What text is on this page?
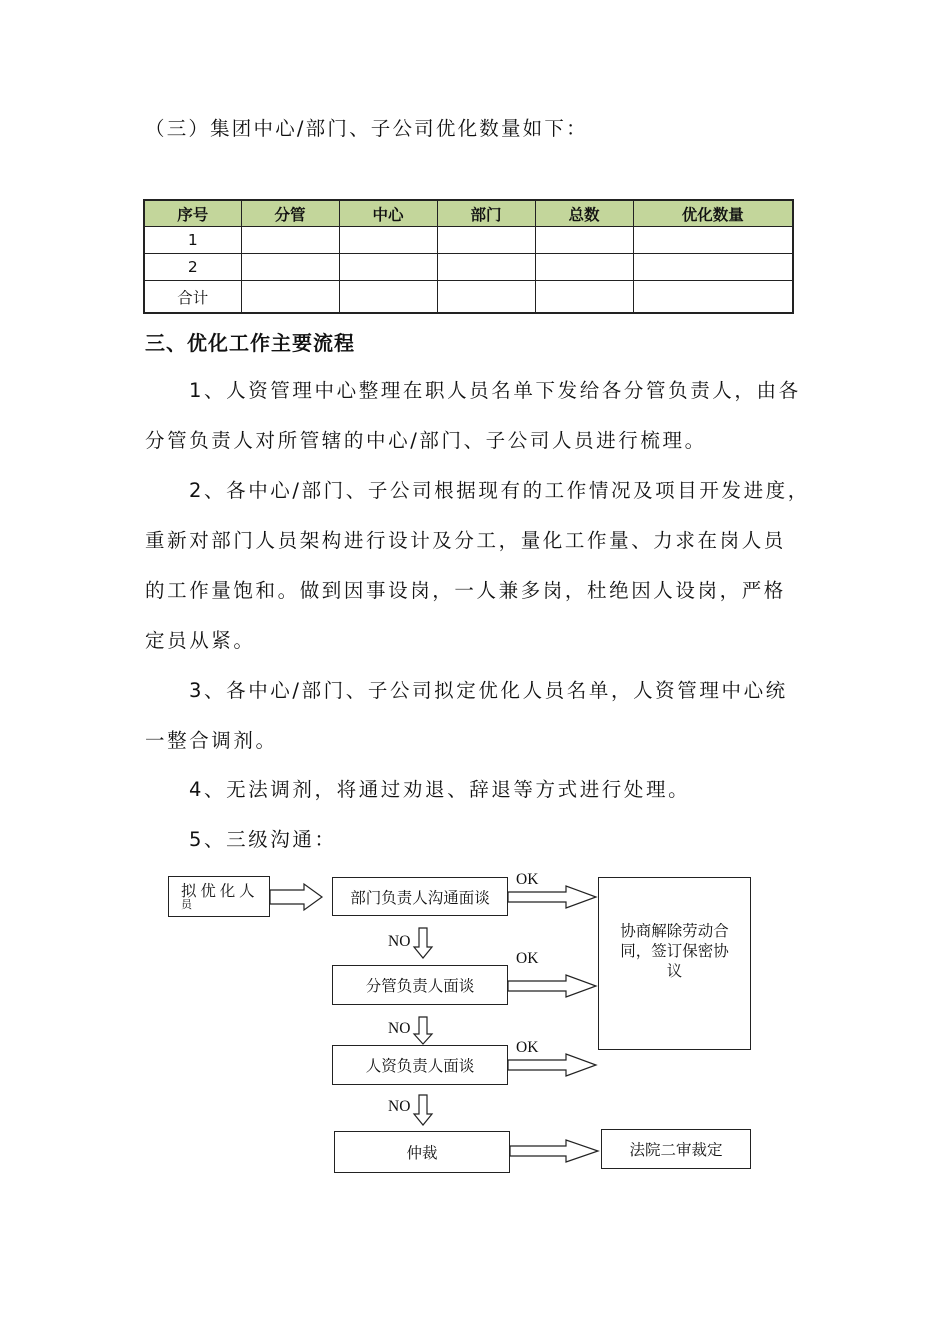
（三）集团中心/部门、子公司优化数量如下：
序号	分管	中心	部门	总数	优化数量
1					
2					
合计					
三、优化工作主要流程
1、人资管理中心整理在职人员名单下发给各分管负责人，由各
分管负责人对所管辖的中心/部门、子公司人员进行梳理。
2、各中心/部门、子公司根据现有的工作情况及项目开发进度，
重新对部门人员架构进行设计及分工，量化工作量、力求在岗人员
的工作量饱和。做到因事设岗，一人兼多岗，杜绝因人设岗，严格
定员从紧。
3、各中心/部门、子公司拟定优化人员名单，人资管理中心统
一整合调剂。
4、无法调剂，将通过劝退、辞退等方式进行处理。
5、三级沟通：
拟 优 化 人
员	部门负责人沟通面谈
分管负责人面谈
人资负责人面谈
仲裁
协商解除劳动合
同，签订保密协
议
法院二审裁定
OK
OK
OK
NO
NO
NO
